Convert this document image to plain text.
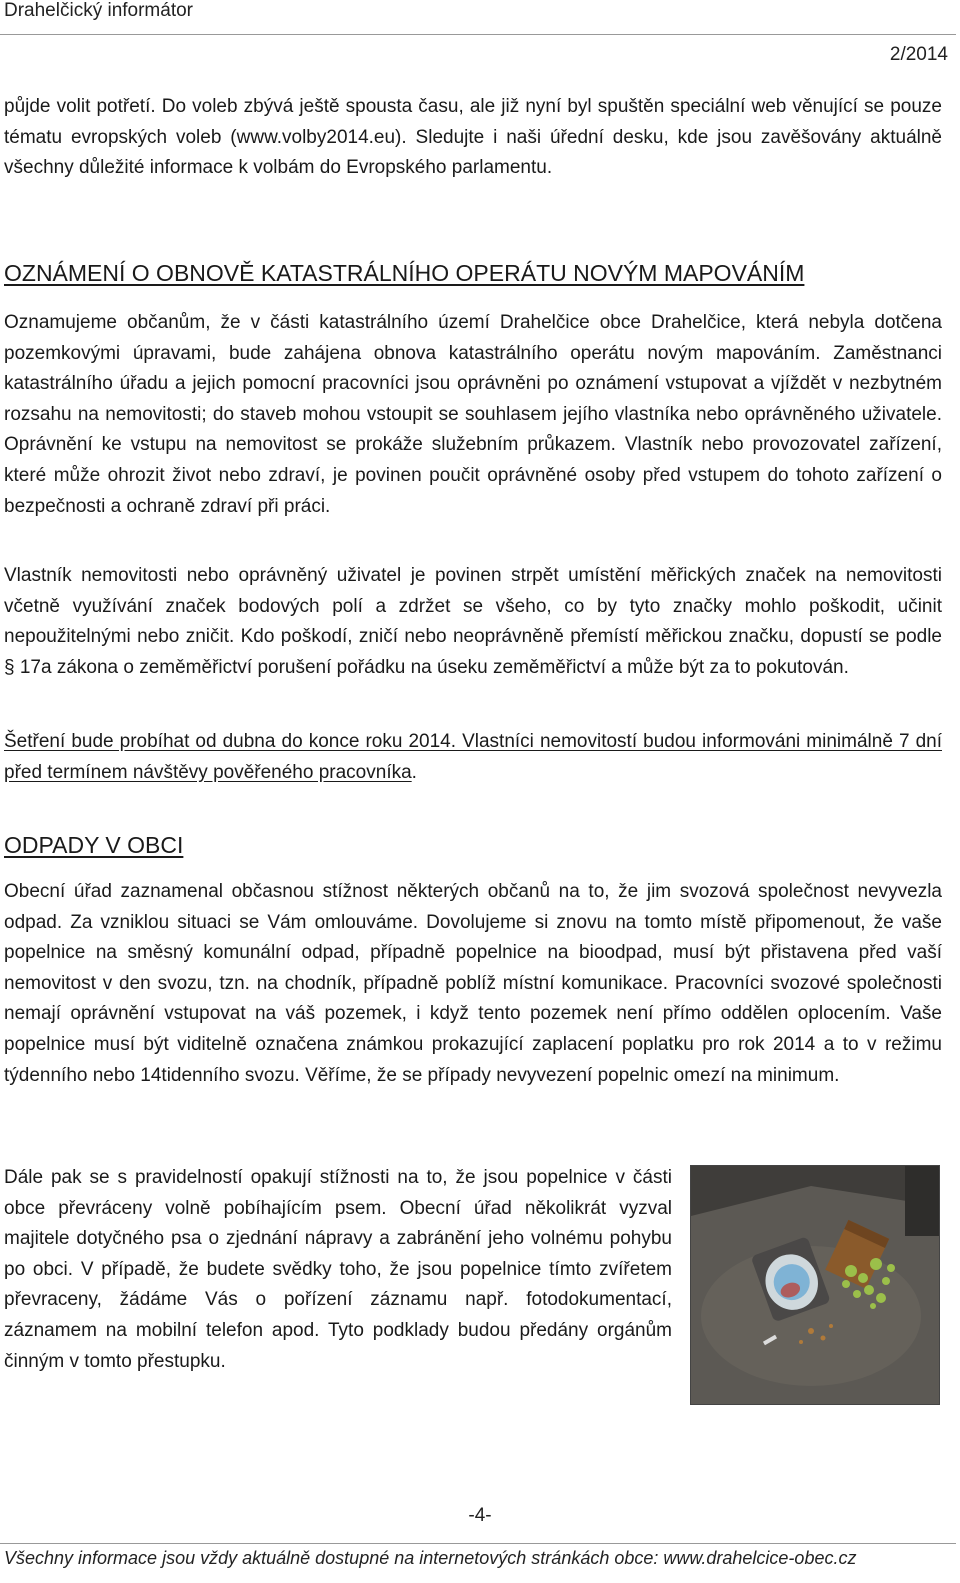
Drahelčický informátor
2/2014

půjde volit potřetí. Do voleb zbývá ještě spousta času, ale již nyní byl spuštěn speciální web věnující se pouze tématu evropských voleb (www.volby2014.eu). Sledujte i naši úřední desku, kde jsou zavěšovány aktuálně všechny důležité informace k volbám do Evropského parlamentu.

OZNÁMENÍ O OBNOVĚ KATASTRÁLNÍHO OPERÁTU NOVÝM MAPOVÁNÍM

Oznamujeme občanům, že v části katastrálního území Drahelčice obce Drahelčice, která nebyla dotčena pozemkovými úpravami, bude zahájena obnova katastrálního operátu novým mapováním. Zaměstnanci katastrálního úřadu a jejich pomocní pracovníci jsou oprávněni po oznámení vstupovat a vjíždět v nezbytném rozsahu na nemovitosti; do staveb mohou vstoupit se souhlasem jejího vlastníka nebo oprávněného uživatele. Oprávnění ke vstupu na nemovitost se prokáže služebním průkazem. Vlastník nebo provozovatel zařízení, které může ohrozit život nebo zdraví, je povinen poučit oprávněné osoby před vstupem do tohoto zařízení o bezpečnosti a ochraně zdraví při práci.

Vlastník nemovitosti nebo oprávněný uživatel je povinen strpět umístění měřických značek na nemovitosti včetně využívání značek bodových polí a zdržet se všeho, co by tyto značky mohlo poškodit, učinit nepoužitelnými nebo zničit. Kdo poškodí, zničí nebo neoprávněně přemístí měřickou značku, dopustí se podle § 17a zákona o zeměměřictví porušení pořádku na úseku zeměměřictví a může být za to pokutován.

Šetření bude probíhat od dubna do konce roku 2014. Vlastníci nemovitostí budou informováni minimálně 7 dní před termínem návštěvy pověřeného pracovníka.

ODPADY V OBCI

Obecní úřad zaznamenal občasnou stížnost některých občanů na to, že jim svozová společnost nevyvezla odpad. Za vzniklou situaci se Vám omlouváme. Dovolujeme si znovu na tomto místě připomenout, že vaše popelnice na směsný komunální odpad, případně popelnice na bioodpad, musí být přistavena před vaší nemovitost v den svozu, tzn. na chodník, případně poblíž místní komunikace. Pracovníci svozové společnosti nemají oprávnění vstupovat na váš pozemek, i když tento pozemek není přímo oddělen oplocením. Vaše popelnice musí být viditelně označena známkou prokazující zaplacení poplatku pro rok 2014 a to v režimu týdenního nebo 14tidenního svozu. Věříme, že se případy nevyvezení popelnic omezí na minimum.

Dále pak se s pravidelností opakují stížnosti na to, že jsou popelnice v části obce převráceny volně pobíhajícím psem. Obecní úřad několikrát vyzval majitele dotyčného psa o zjednání nápravy a zabránění jeho volnému pohybu po obci. V případě, že budete svědky toho, že jsou popelnice tímto zvířetem převraceny, žádáme Vás o pořízení záznamu např. fotodokumentací, záznamem na mobilní telefon apod. Tyto podklady budou předány orgánům činným v tomto přestupku.

-4-
Všechny informace jsou vždy aktuálně dostupné na internetových stránkách obce: www.drahelcice-obec.cz
